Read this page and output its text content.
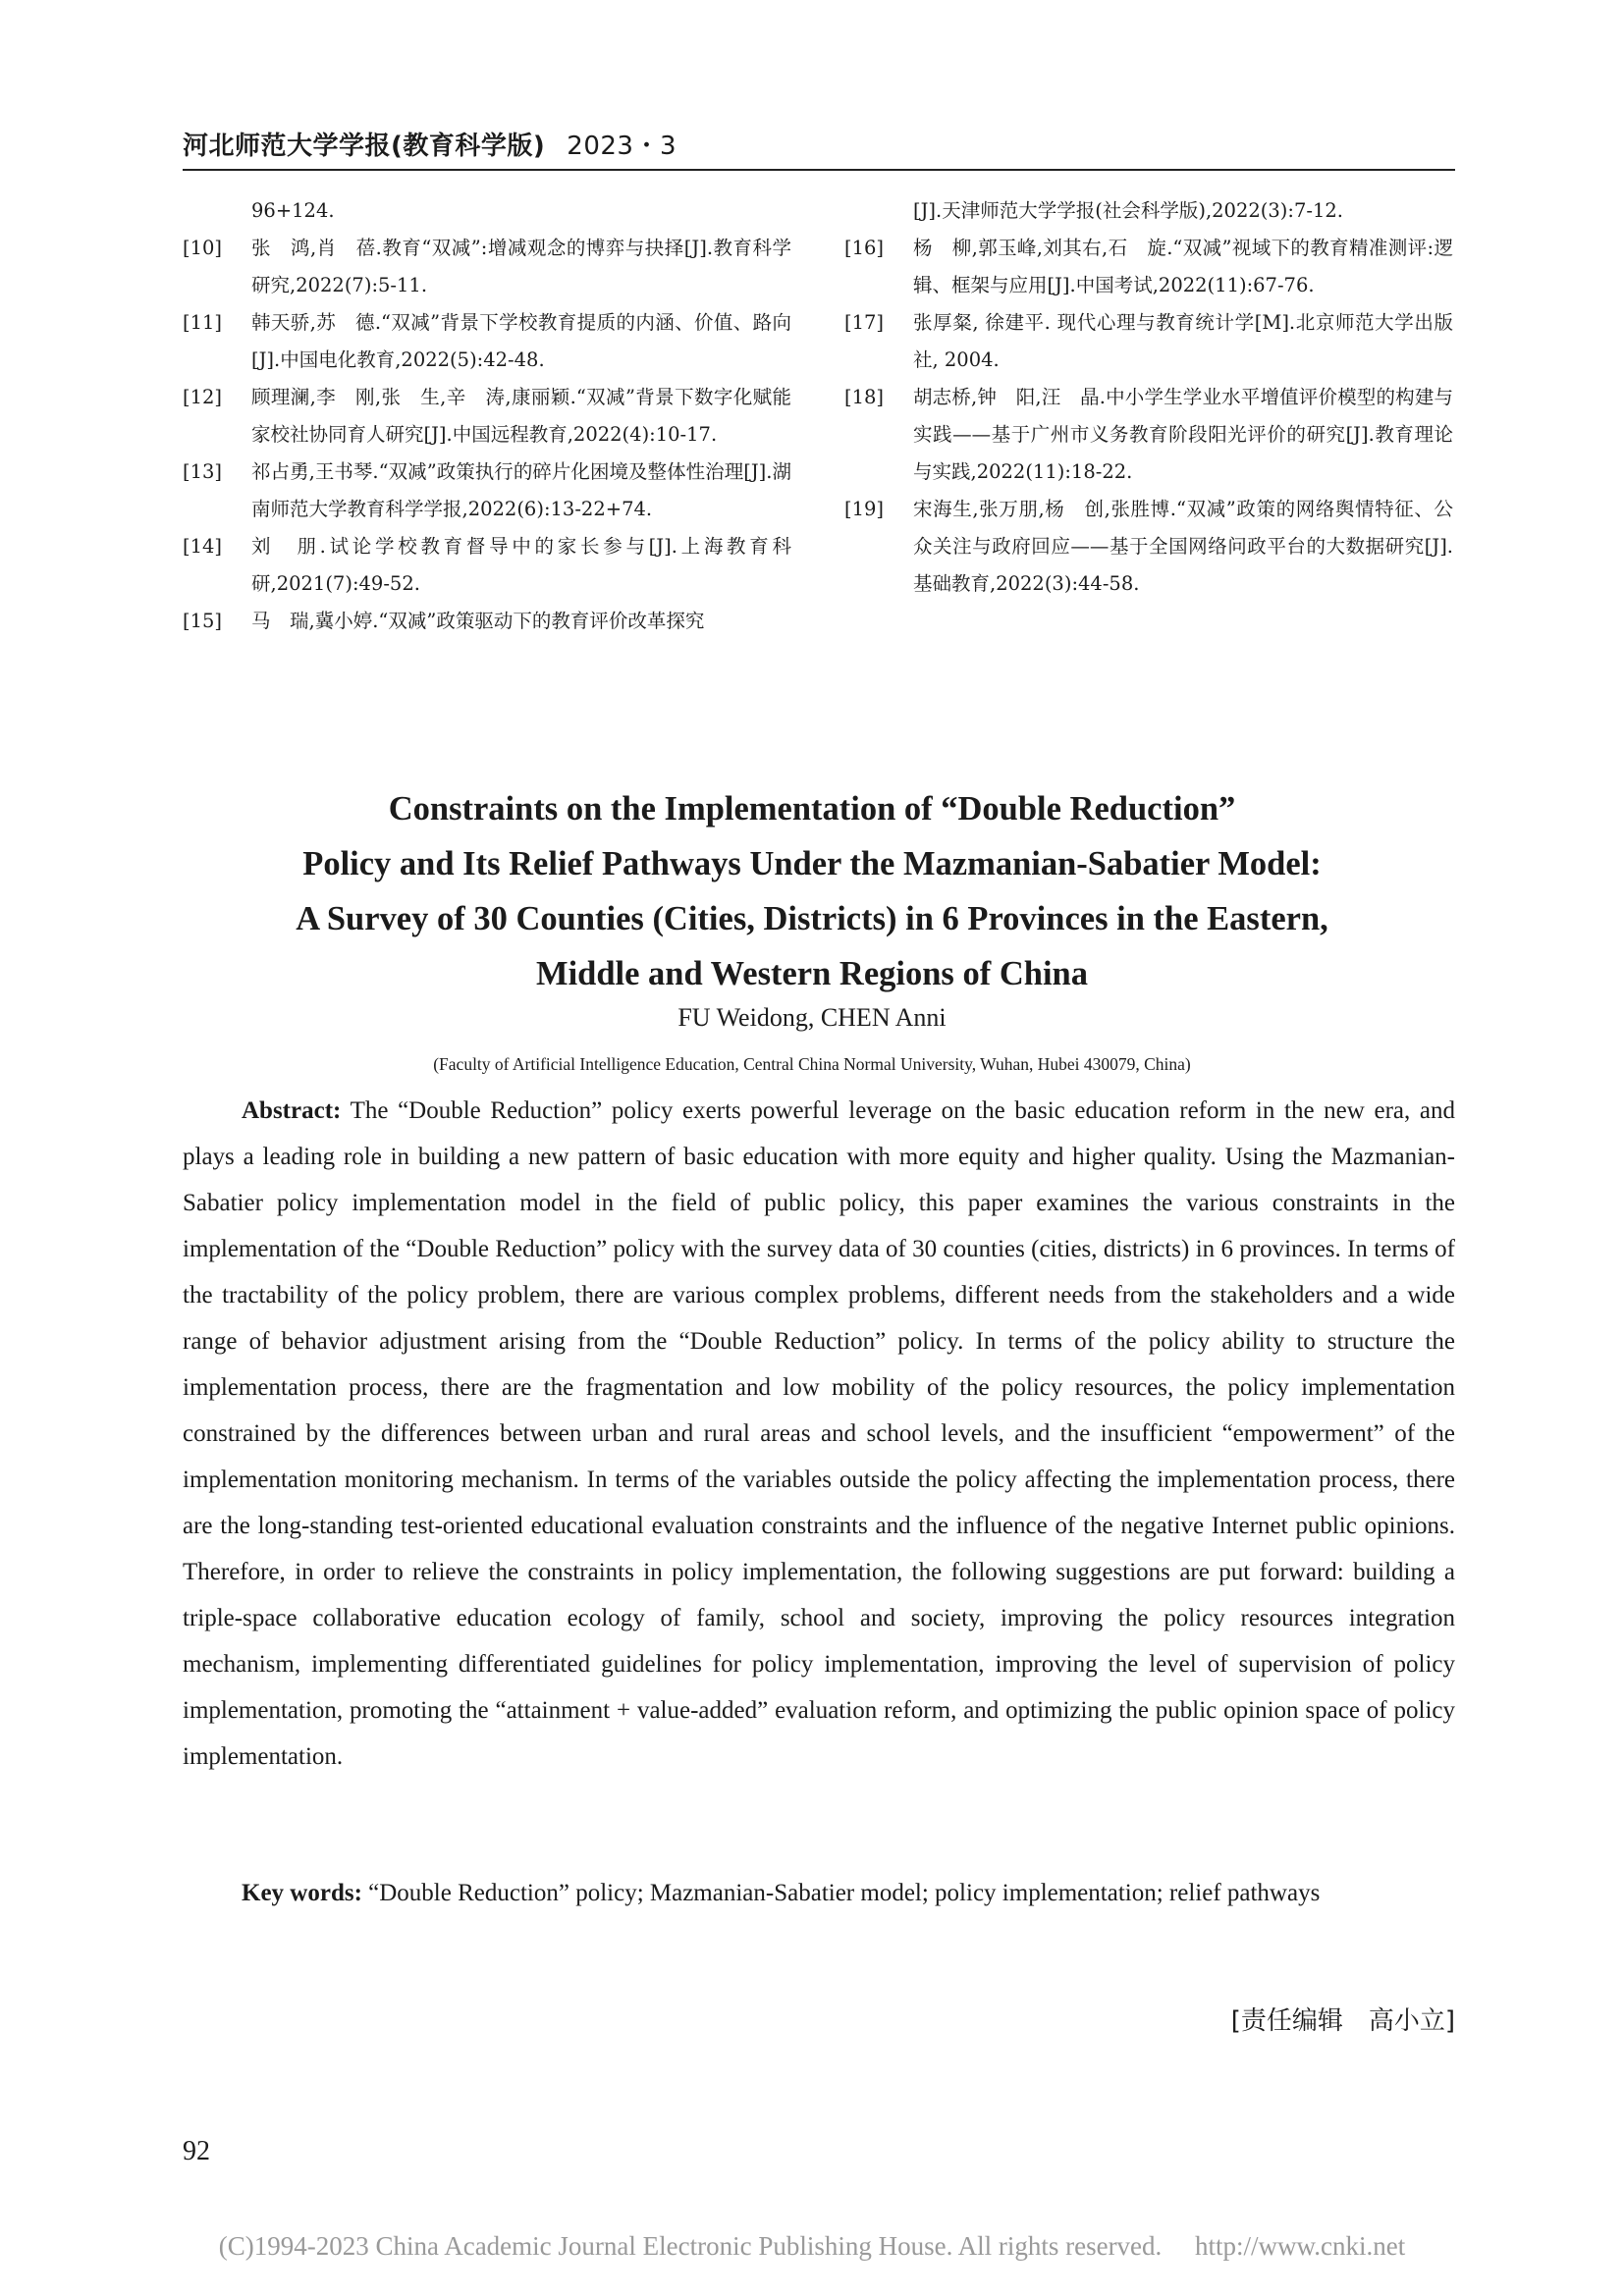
河北师范大学学报(教育科学版) 2023・3
96+124.
[10] 张　鸿,肖　蓓.教育“双减”:增减观念的博弈与抉择[J].教育科学研究,2022(7):5-11.
[11] 韩天骄,苏　德.“双减”背景下学校教育提质的内涵、价值、路向[J].中国电化教育,2022(5):42-48.
[12] 顾理澜,李　刚,张　生,辛　涛,康丽颖.“双减”背景下数字化赋能家校社协同育人研究[J].中国远程教育,2022(4):10-17.
[13] 祁占勇,王书琴.“双减”政策执行的碎片化困境及整体性治理[J].湖南师范大学教育科学学报,2022(6):13-22+74.
[14] 刘　朋.试论学校教育督导中的家长参与[J].上海教育科研,2021(7):49-52.
[15] 马　瑞,冀小婷.“双减”政策驱动下的教育评价改革探究
[J].天津师范大学学报(社会科学版),2022(3):7-12.
[16] 杨　柳,郭玉峰,刘其右,石　旋.“双减”视域下的教育精准测评:逻辑、框架与应用[J].中国考试,2022(11):67-76.
[17] 张厚粲, 徐建平. 现代心理与教育统计学[M].北京师范大学出版社, 2004.
[18] 胡志桥,钟　阳,汪　晶.中小学生学业水平增值评价模型的构建与实践——基于广州市义务教育阶段阳光评价的研究[J].教育理论与实践,2022(11):18-22.
[19] 宋海生,张万朋,杨　创,张胜博.“双减”政策的网络舆情特征、公众关注与政府回应——基于全国网络问政平台的大数据研究[J].基础教育,2022(3):44-58.
Constraints on the Implementation of “Double Reduction”
Policy and Its Relief Pathways Under the Mazmanian-Sabatier Model:
A Survey of 30 Counties (Cities, Districts) in 6 Provinces in the Eastern,
Middle and Western Regions of China
FU Weidong, CHEN Anni
(Faculty of Artificial Intelligence Education, Central China Normal University, Wuhan, Hubei 430079, China)

Abstract: The “Double Reduction” policy exerts powerful leverage on the basic education reform in the new era, and plays a leading role in building a new pattern of basic education with more equity and higher quality. Using the Mazmanian-Sabatier policy implementation model in the field of public policy, this paper examines the various constraints in the implementation of the “Double Reduction” policy with the survey data of 30 counties (cities, districts) in 6 provinces. In terms of the tractability of the policy problem, there are various complex problems, different needs from the stakeholders and a wide range of behavior adjustment arising from the “Double Reduction” policy. In terms of the policy ability to structure the implementation process, there are the fragmentation and low mobility of the policy resources, the policy implementation constrained by the differences between urban and rural areas and school levels, and the insufficient “empowerment” of the implementation monitoring mechanism. In terms of the variables outside the policy affecting the implementation process, there are the long-standing test-oriented educational evaluation constraints and the influence of the negative Internet public opinions. Therefore, in order to relieve the constraints in policy implementation, the following suggestions are put forward: building a triple-space collaborative education ecology of family, school and society, improving the policy resources integration mechanism, implementing differentiated guidelines for policy implementation, improving the level of supervision of policy implementation, promoting the “attainment + value-added” evaluation reform, and optimizing the public opinion space of policy implementation.

Key words: “Double Reduction” policy; Mazmanian-Sabatier model; policy implementation; relief pathways

[责任编辑　高小立]
92
(C)1994-2023 China Academic Journal Electronic Publishing House. All rights reserved.　 http://www.cnki.net
